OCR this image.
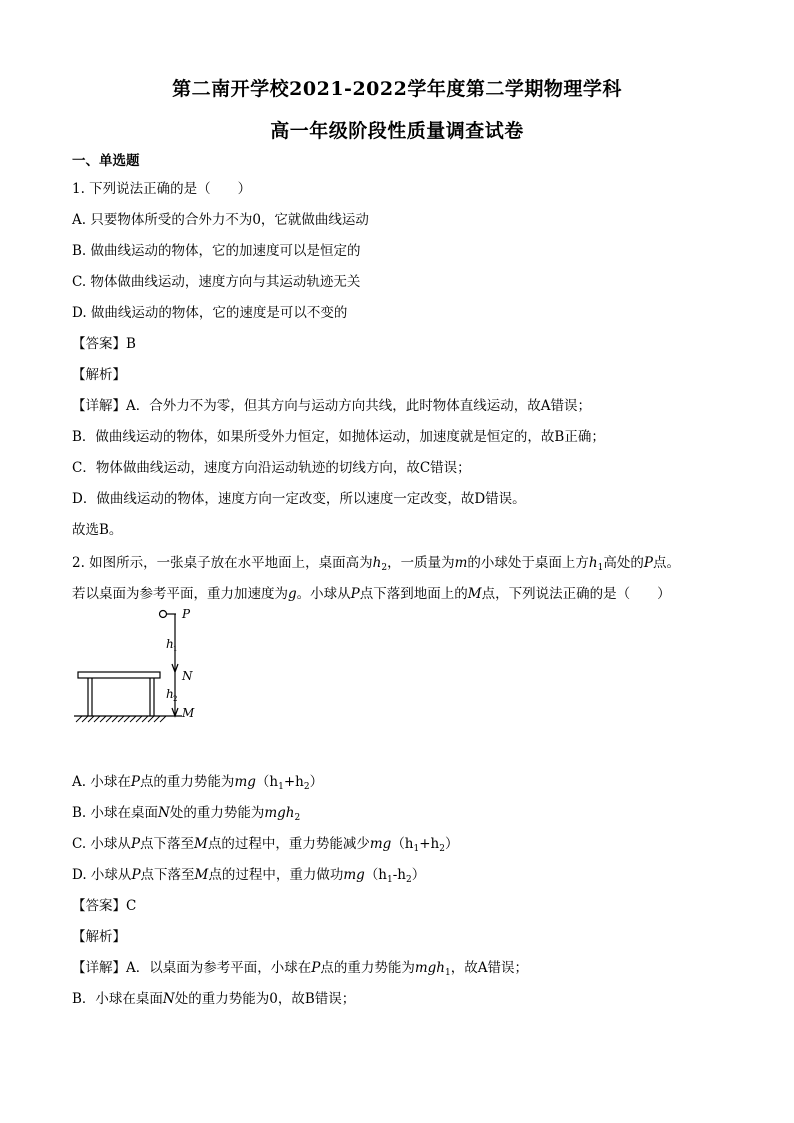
第二南开学校2021-2022学年度第二学期物理学科
高一年级阶段性质量调查试卷
一、单选题
1. 下列说法正确的是（　　）
A. 只要物体所受的合外力不为0，它就做曲线运动
B. 做曲线运动的物体，它的加速度可以是恒定的
C. 物体做曲线运动，速度方向与其运动轨迹无关
D. 做曲线运动的物体，它的速度是可以不变的
【答案】B
【解析】
【详解】A．合外力不为零，但其方向与运动方向共线，此时物体直线运动，故A错误；
B．做曲线运动的物体，如果所受外力恒定，如抛体运动，加速度就是恒定的，故B正确；
C．物体做曲线运动，速度方向沿运动轨迹的切线方向，故C错误；
D．做曲线运动的物体，速度方向一定改变，所以速度一定改变，故D错误。
故选B。
2. 如图所示，一张桌子放在水平地面上，桌面高为$h_2$，一质量为m的小球处于桌面上方$h_1$高处的P点。
若以桌面为参考平面，重力加速度为g。小球从P点下落到地面上的M点，下列说法正确的是（　　）
P
h 1
N
h 2
M
A. 小球在P点的重力势能为$mg(h_1+h_2)$
B. 小球在桌面N处的重力势能为mgh$_2$
C. 小球从P点下落至M点的过程中，重力势能减少$mg(h_1+h_2)$
D. 小球从P点下落至M点的过程中，重力做功$mg(h_1-h_2)$
【答案】C
【解析】
【详解】A．以桌面为参考平面，小球在P点的重力势能为mgh$_1$，故A错误；
B．小球在桌面N处的重力势能为0，故B错误；
